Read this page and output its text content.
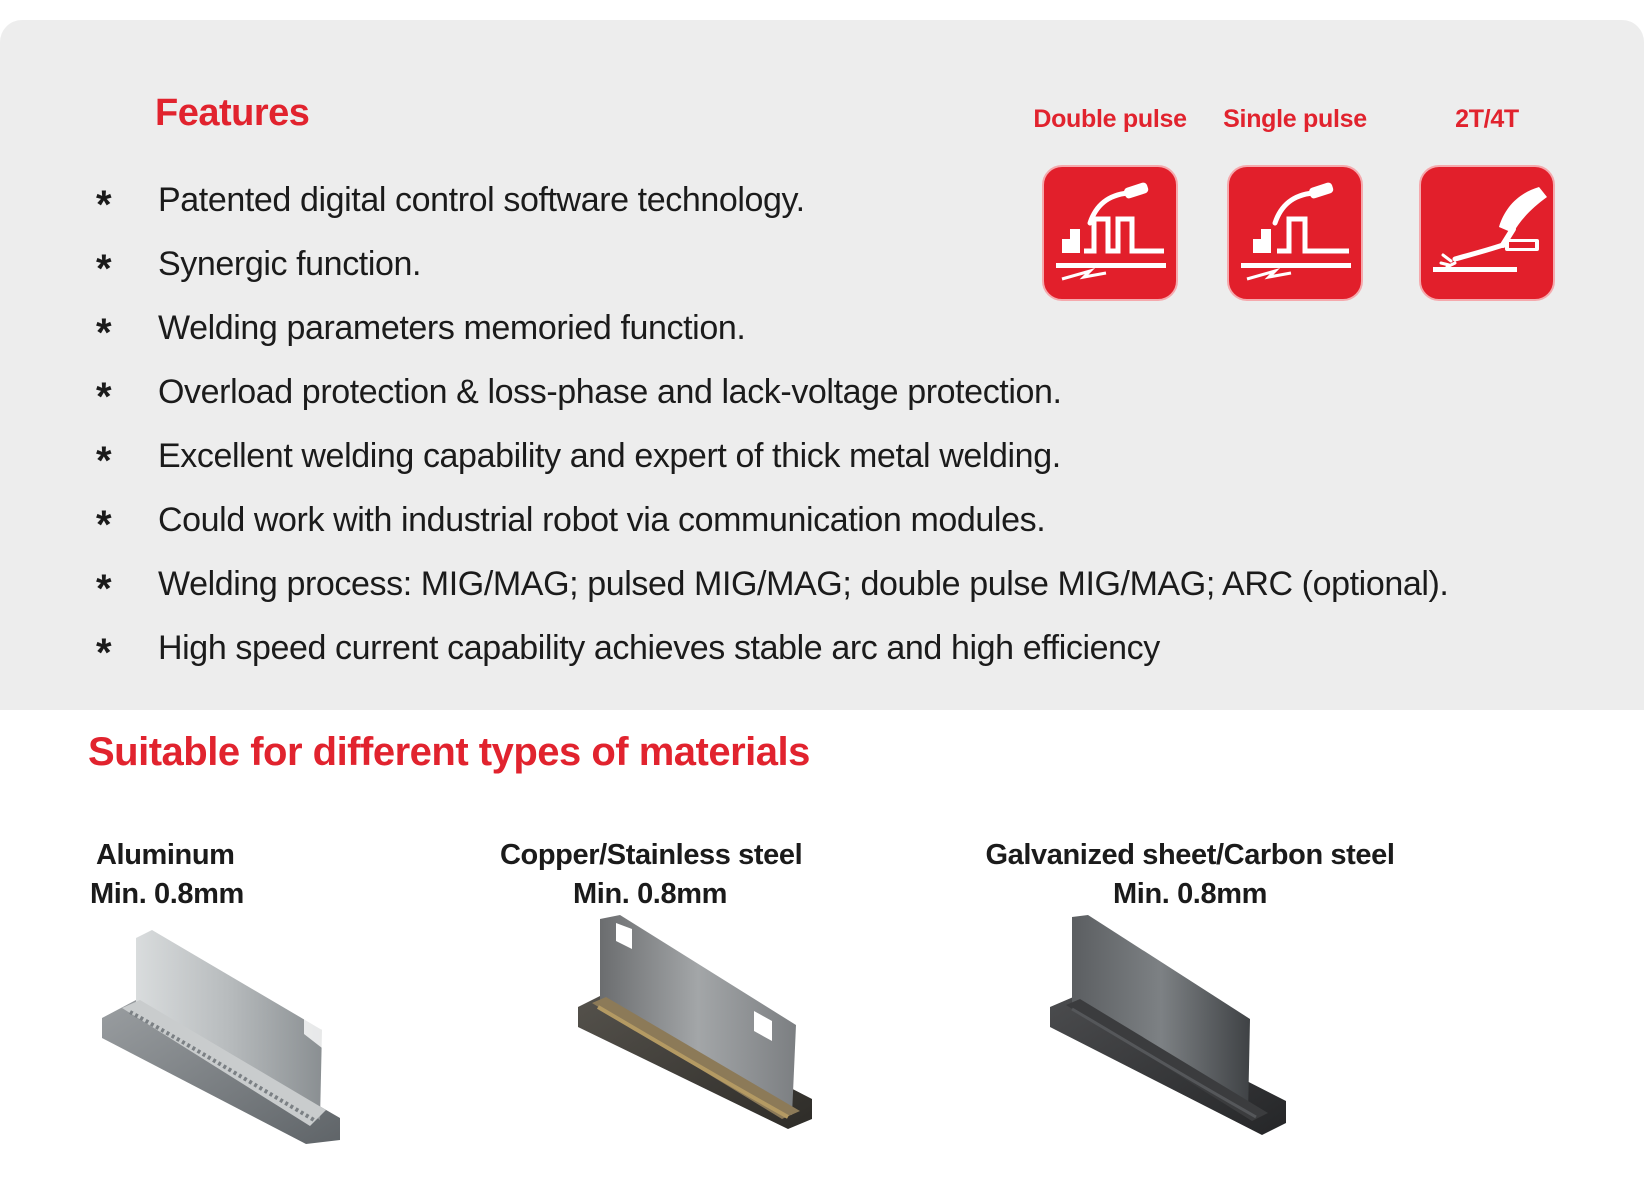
Features
*	Patented digital control software technology.
*	Synergic function.
*	Welding parameters memoried function.
*	Overload protection & loss-phase and lack-voltage protection.
*	Excellent welding capability and expert of thick metal welding.
*	Could work with industrial robot via communication modules.
*	Welding process: MIG/MAG; pulsed MIG/MAG; double pulse MIG/MAG; ARC (optional).
*	High speed current capability achieves stable arc and high efficiency
Double pulse	Single pulse	2T/4T
Suitable for different types of materials
Aluminum
Min. 0.8mm
Copper/Stainless steel
Min. 0.8mm
Galvanized sheet/Carbon steel
Min. 0.8mm
